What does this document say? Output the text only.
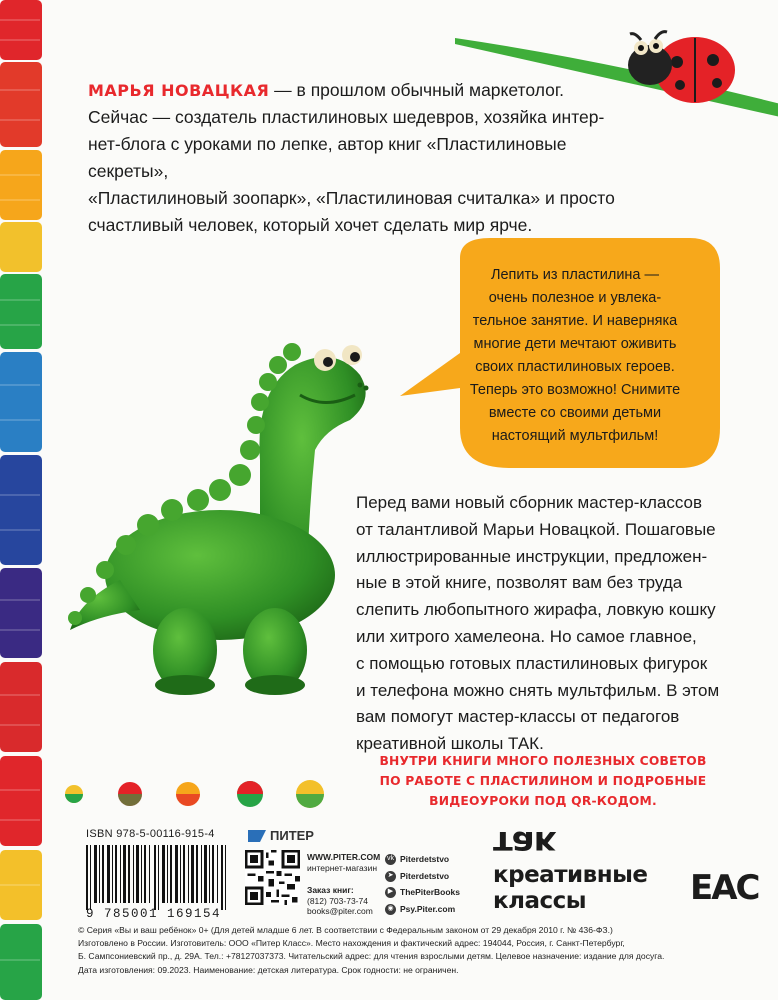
МАРЬЯ НОВАЦКАЯ — в прошлом обычный маркетолог.
Сейчас — создатель пластилиновых шедевров, хозяйка интер-
нет-блога с уроками по лепке, автор книг «Пластилиновые секреты»,
«Пластилиновый зоопарк», «Пластилиновая считалка» и просто
счастливый человек, который хочет сделать мир ярче.
Лепить из пластилина —
очень полезное и увлека-
тельное занятие. И наверняка
многие дети мечтают оживить
своих пластилиновых героев.
Теперь это возможно! Снимите
вместе со своими детьми
настоящий мультфильм!
Перед вами новый сборник мастер-классов
от талантливой Марьи Новацкой. Пошаговые
иллюстрированные инструкции, предложен-
ные в этой книге, позволят вам без труда
слепить любопытного жирафа, ловкую кошку
или хитрого хамелеона. Но самое главное,
с помощью готовых пластилиновых фигурок
и телефона можно снять мультфильм. В этом
вам помогут мастер-классы от педагогов
креативной школы ТАК.
ВНУТРИ КНИГИ МНОГО ПОЛЕЗНЫХ СОВЕТОВ
ПО РАБОТЕ С ПЛАСТИЛИНОМ И ПОДРОБНЫЕ
ВИДЕОУРОКИ ПОД QR-КОДОМ.
ISBN 978-5-00116-915-4
9 785001 169154
ПИТЕР
WWW.PITER.COM
интернет-магазин
Заказ книг:
(812) 703-73-74
books@piter.com
vk Piterdetstvo
➤ Piterdetstvo
▶ ThePiterBooks
◉ Psy.Piter.com
так
креативные
классы	EAC
© Серия «Вы и ваш ребёнок» 0+ (Для детей младше 6 лет. В соответствии с Федеральным законом от 29 декабря 2010 г. № 436-ФЗ.)
Изготовлено в России. Изготовитель: ООО «Питер Класс». Место нахождения и фактический адрес: 194044, Россия, г. Санкт-Петербург,
Б. Сампсониевский пр., д. 29А. Тел.: +78127037373. Читательский адрес: для чтения взрослыми детям. Целевое назначение: издание для досуга.
Дата изготовления: 09.2023. Наименование: детская литература. Срок годности: не ограничен.
